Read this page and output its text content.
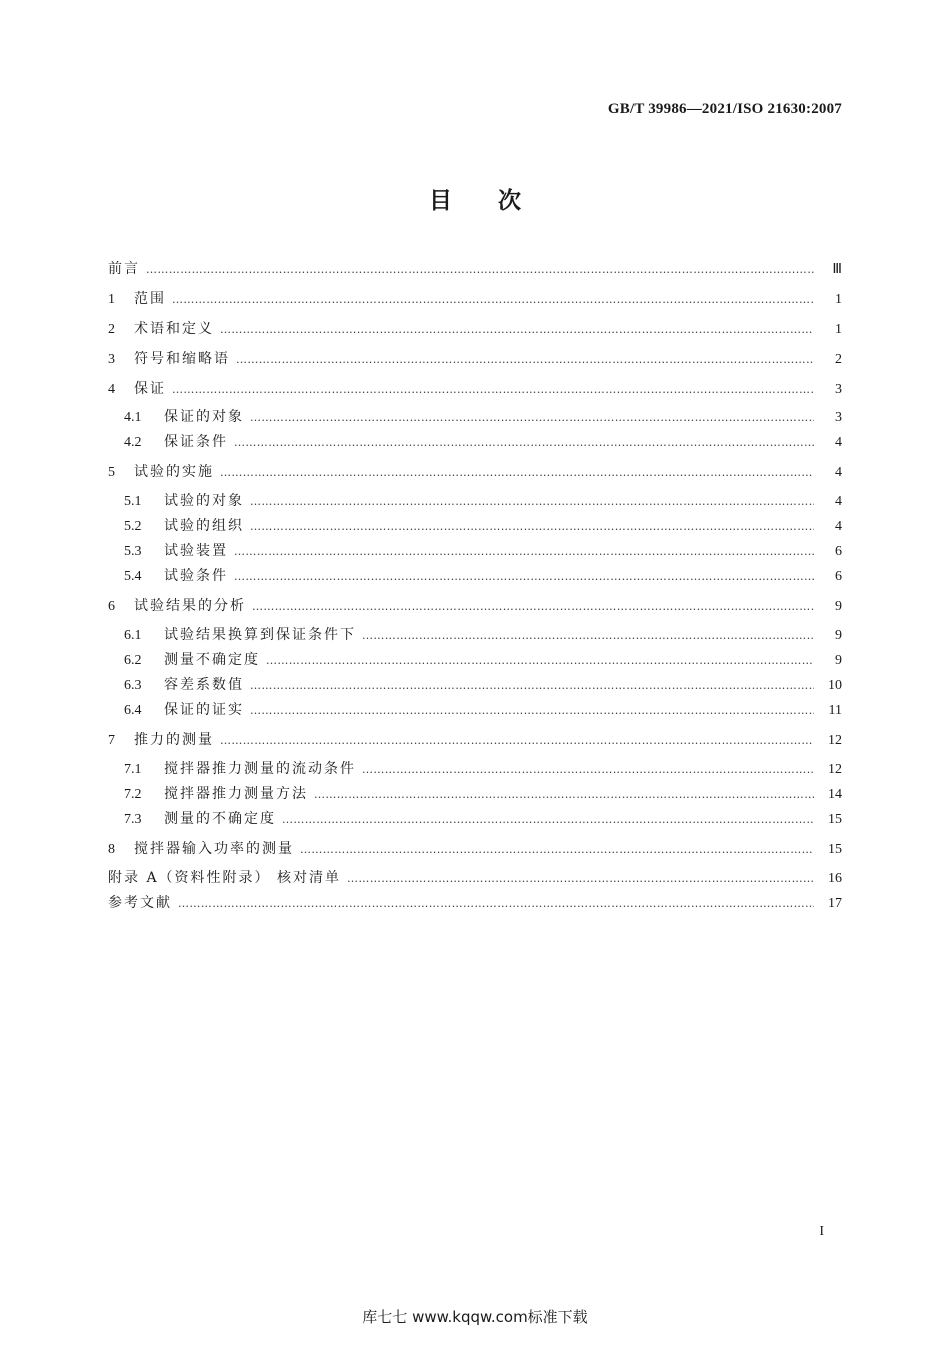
GB/T 39986—2021/ISO 21630:2007
目次
前言 ……………………………………………………………………………………………………………………………………………………………………………………………………………………	Ⅲ
1	范围 ……………………………………………………………………………………………………………………………………………………………………………………………………………………	1
2	术语和定义 ……………………………………………………………………………………………………………………………………………………………………………………………………………………	1
3	符号和缩略语 ……………………………………………………………………………………………………………………………………………………………………………………………………………………	2
4	保证 ……………………………………………………………………………………………………………………………………………………………………………………………………………………	3
4.1	保证的对象 ……………………………………………………………………………………………………………………………………………………………………………………………………………………	3
4.2	保证条件 ……………………………………………………………………………………………………………………………………………………………………………………………………………………	4
5	试验的实施 ……………………………………………………………………………………………………………………………………………………………………………………………………………………	4
5.1	试验的对象 ……………………………………………………………………………………………………………………………………………………………………………………………………………………	4
5.2	试验的组织 ……………………………………………………………………………………………………………………………………………………………………………………………………………………	4
5.3	试验装置 ……………………………………………………………………………………………………………………………………………………………………………………………………………………	6
5.4	试验条件 ……………………………………………………………………………………………………………………………………………………………………………………………………………………	6
6	试验结果的分析 ……………………………………………………………………………………………………………………………………………………………………………………………………………………	9
6.1	试验结果换算到保证条件下 ……………………………………………………………………………………………………………………………………………………………………………………………………………………	9
6.2	测量不确定度 ……………………………………………………………………………………………………………………………………………………………………………………………………………………	9
6.3	容差系数值 ……………………………………………………………………………………………………………………………………………………………………………………………………………………	10
6.4	保证的证实 ……………………………………………………………………………………………………………………………………………………………………………………………………………………	11
7	推力的测量 ……………………………………………………………………………………………………………………………………………………………………………………………………………………	12
7.1	搅拌器推力测量的流动条件 ……………………………………………………………………………………………………………………………………………………………………………………………………………………	12
7.2	搅拌器推力测量方法 ……………………………………………………………………………………………………………………………………………………………………………………………………………………	14
7.3	测量的不确定度 ……………………………………………………………………………………………………………………………………………………………………………………………………………………	15
8	搅拌器输入功率的测量 ……………………………………………………………………………………………………………………………………………………………………………………………………………………	15
附录 A（资料性附录） 核对清单 ……………………………………………………………………………………………………………………………………………………………………………………………………………………	16
参考文献 ……………………………………………………………………………………………………………………………………………………………………………………………………………………	17
I
库七七 www.kqqw.com标准下载
